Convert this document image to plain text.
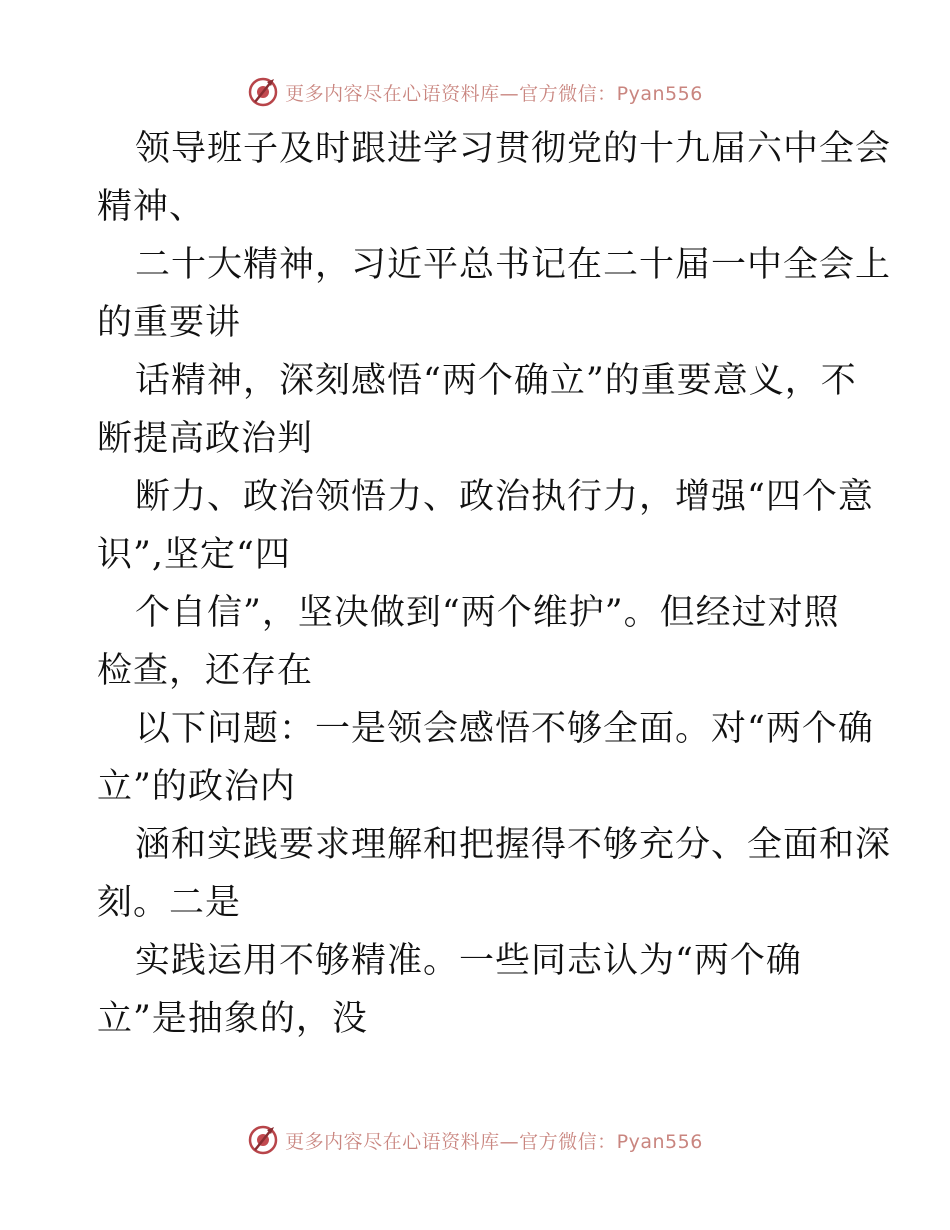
更多内容尽在心语资料库—官方微信：Pyan556
领导班子及时跟进学习贯彻党的十九届六中全会
精神、
二十大精神，习近平总书记在二十届一中全会上
的重要讲
话精神，深刻感悟“两个确立”的重要意义，不
断提高政治判
断力、政治领悟力、政治执行力，增强“四个意
识”,坚定“四
个自信”，坚决做到“两个维护”。但经过对照
检查，还存在
以下问题：一是领会感悟不够全面。对“两个确
立”的政治内
涵和实践要求理解和把握得不够充分、全面和深
刻。二是
实践运用不够精准。一些同志认为“两个确
立”是抽象的，没
更多内容尽在心语资料库—官方微信：Pyan556
